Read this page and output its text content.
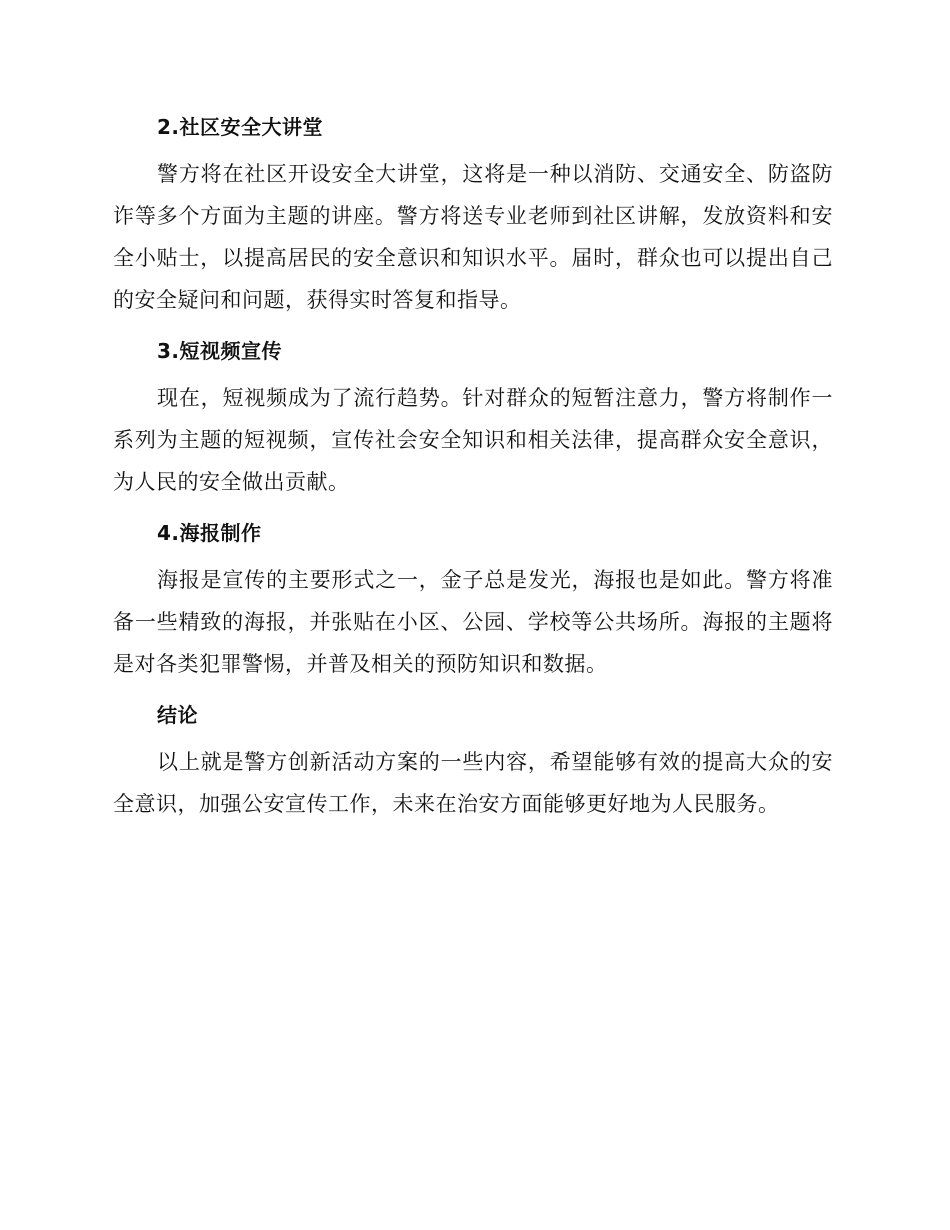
2.社区安全大讲堂

警方将在社区开设安全大讲堂，这将是一种以消防、交通安全、防盗防诈等多个方面为主题的讲座。警方将送专业老师到社区讲解，发放资料和安全小贴士，以提高居民的安全意识和知识水平。届时，群众也可以提出自己的安全疑问和问题，获得实时答复和指导。

3.短视频宣传

现在，短视频成为了流行趋势。针对群众的短暂注意力，警方将制作一系列为主题的短视频，宣传社会安全知识和相关法律，提高群众安全意识，为人民的安全做出贡献。

4.海报制作

海报是宣传的主要形式之一，金子总是发光，海报也是如此。警方将准备一些精致的海报，并张贴在小区、公园、学校等公共场所。海报的主题将是对各类犯罪警惕，并普及相关的预防知识和数据。

结论

以上就是警方创新活动方案的一些内容，希望能够有效的提高大众的安全意识，加强公安宣传工作，未来在治安方面能够更好地为人民服务。
